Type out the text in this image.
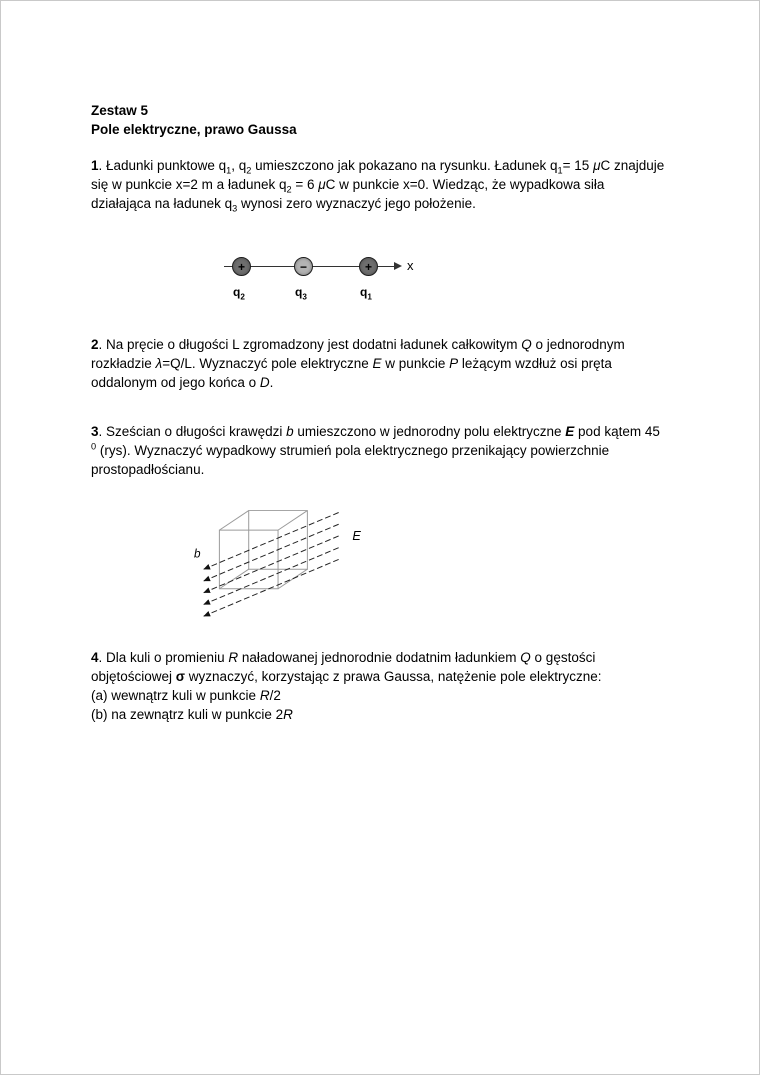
Zestaw 5
Pole elektryczne, prawo Gaussa

1. Ładunki punktowe $q_1$, $q_2$ umieszczono jak pokazano na rysunku. Ładunek $q_1= 15$ μC znajduje się w punkcie x=2 m a ładunek $q_2 = 6$ μC w punkcie x=0. Wiedząc, że wypadkowa siła działająca na ładunek $q_3$ wynosi zero wyznaczyć jego położenie.

x
+	−	+
$q_2$	$q_3$	$q_1$

2. Na pręcie o długości L zgromadzony jest dodatni ładunek całkowitym Q o jednorodnym rozkładzie λ=Q/L. Wyznaczyć pole elektryczne E w punkcie P leżącym wzdłuż osi pręta oddalonym od jego końca o D.

3. Sześcian o długości krawędzi b umieszczono w jednorodny polu elektryczne E pod kątem 45 $^0$ (rys). Wyznaczyć wypadkowy strumień pola elektrycznego przenikający powierzchnie prostopadłościanu.

b
E

4. Dla kuli o promieniu R naładowanej jednorodnie dodatnim ładunkiem Q o gęstości objętościowej σ wyznaczyć, korzystając z prawa Gaussa, natężenie pole elektryczne:

(a) wewnątrz kuli w punkcie R/2

(b) na zewnątrz kuli w punkcie 2R
